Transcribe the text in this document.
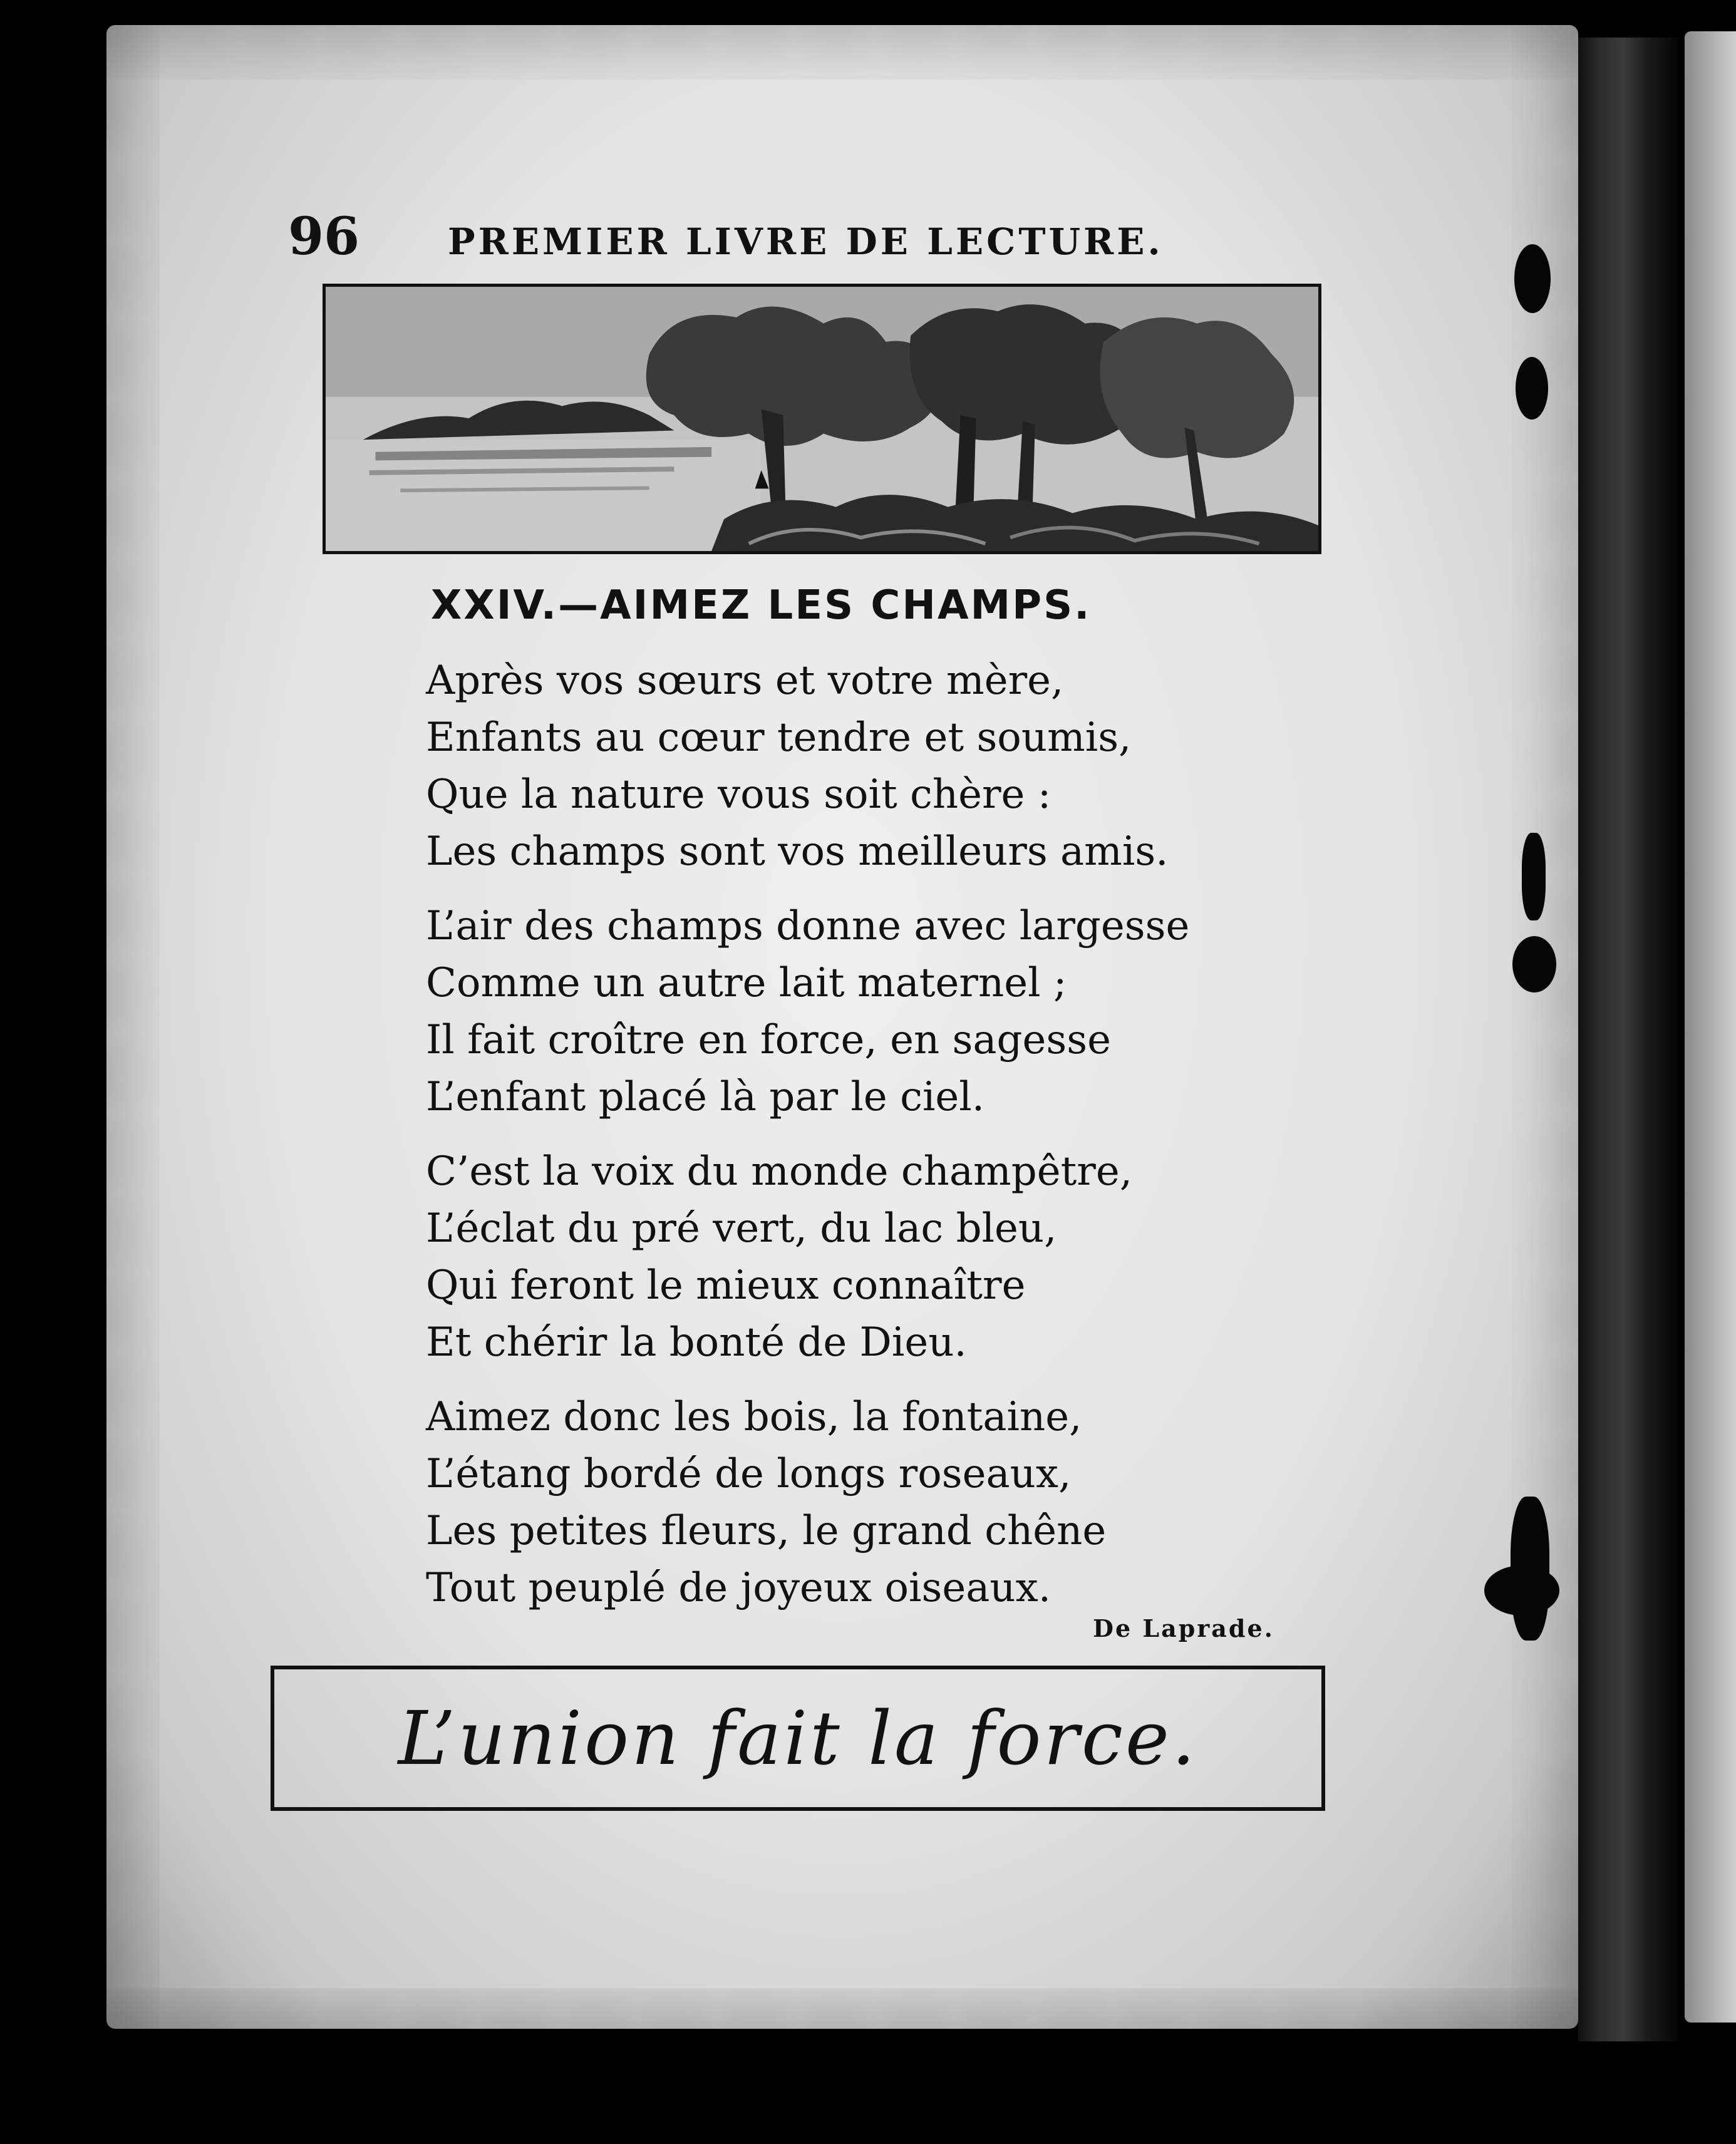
96 PREMIER LIVRE DE LECTURE.
XXIV.—AIMEZ LES CHAMPS.
Après vos sœurs et votre mère,
Enfants au cœur tendre et soumis,
Que la nature vous soit chère :
Les champs sont vos meilleurs amis.
L’air des champs donne avec largesse
Comme un autre lait maternel ;
Il fait croître en force, en sagesse
L’enfant placé là par le ciel.
C’est la voix du monde champêtre,
L’éclat du pré vert, du lac bleu,
Qui feront le mieux connaître
Et chérir la bonté de Dieu.
Aimez donc les bois, la fontaine,
L’étang bordé de longs roseaux,
Les petites fleurs, le grand chêne
Tout peuplé de joyeux oiseaux.
De Laprade.
L’union fait la force.
